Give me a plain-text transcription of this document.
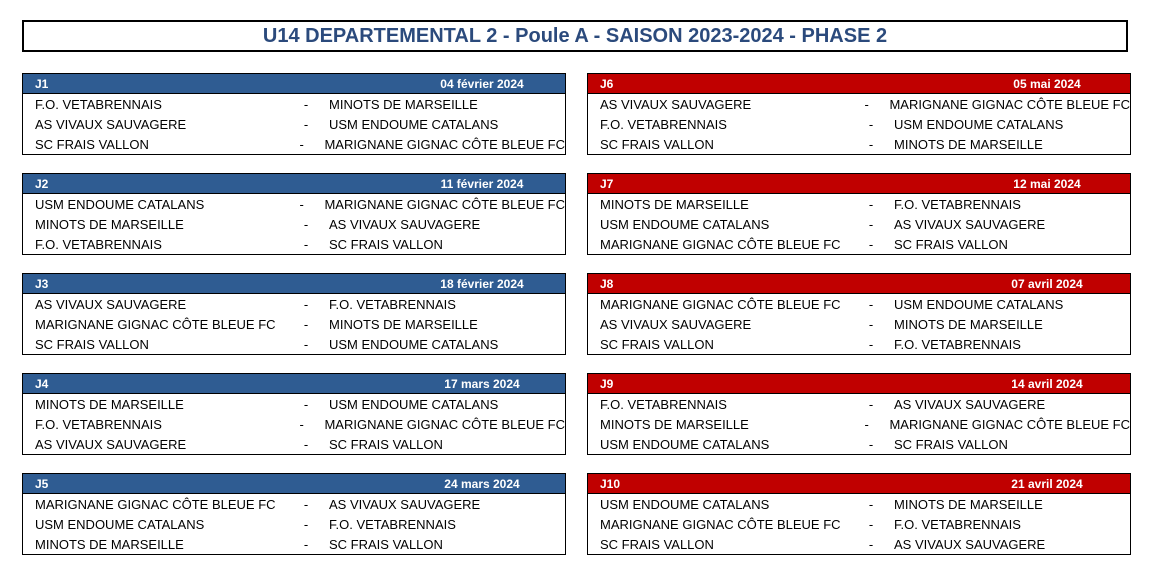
U14 DEPARTEMENTAL 2 - Poule A - SAISON 2023-2024 - PHASE 2
J1	04 février 2024
F.O. VETABRENNAIS	-	MINOTS DE MARSEILLE
AS VIVAUX SAUVAGERE	-	USM ENDOUME CATALANS
SC FRAIS VALLON	-	MARIGNANE GIGNAC CÔTE BLEUE FC
J2	11 février 2024
USM ENDOUME CATALANS	-	MARIGNANE GIGNAC CÔTE BLEUE FC
MINOTS DE MARSEILLE	-	AS VIVAUX SAUVAGERE
F.O. VETABRENNAIS	-	SC FRAIS VALLON
J3	18 février 2024
AS VIVAUX SAUVAGERE	-	F.O. VETABRENNAIS
MARIGNANE GIGNAC CÔTE BLEUE FC	-	MINOTS DE MARSEILLE
SC FRAIS VALLON	-	USM ENDOUME CATALANS
J4	17 mars 2024
MINOTS DE MARSEILLE	-	USM ENDOUME CATALANS
F.O. VETABRENNAIS	-	MARIGNANE GIGNAC CÔTE BLEUE FC
AS VIVAUX SAUVAGERE	-	SC FRAIS VALLON
J5	24 mars 2024
MARIGNANE GIGNAC CÔTE BLEUE FC	-	AS VIVAUX SAUVAGERE
USM ENDOUME CATALANS	-	F.O. VETABRENNAIS
MINOTS DE MARSEILLE	-	SC FRAIS VALLON
J6	05 mai 2024
AS VIVAUX SAUVAGERE	-	MARIGNANE GIGNAC CÔTE BLEUE FC
F.O. VETABRENNAIS	-	USM ENDOUME CATALANS
SC FRAIS VALLON	-	MINOTS DE MARSEILLE
J7	12 mai 2024
MINOTS DE MARSEILLE	-	F.O. VETABRENNAIS
USM ENDOUME CATALANS	-	AS VIVAUX SAUVAGERE
MARIGNANE GIGNAC CÔTE BLEUE FC	-	SC FRAIS VALLON
J8	07 avril 2024
MARIGNANE GIGNAC CÔTE BLEUE FC	-	USM ENDOUME CATALANS
AS VIVAUX SAUVAGERE	-	MINOTS DE MARSEILLE
SC FRAIS VALLON	-	F.O. VETABRENNAIS
J9	14 avril 2024
F.O. VETABRENNAIS	-	AS VIVAUX SAUVAGERE
MINOTS DE MARSEILLE	-	MARIGNANE GIGNAC CÔTE BLEUE FC
USM ENDOUME CATALANS	-	SC FRAIS VALLON
J10	21 avril 2024
USM ENDOUME CATALANS	-	MINOTS DE MARSEILLE
MARIGNANE GIGNAC CÔTE BLEUE FC	-	F.O. VETABRENNAIS
SC FRAIS VALLON	-	AS VIVAUX SAUVAGERE
